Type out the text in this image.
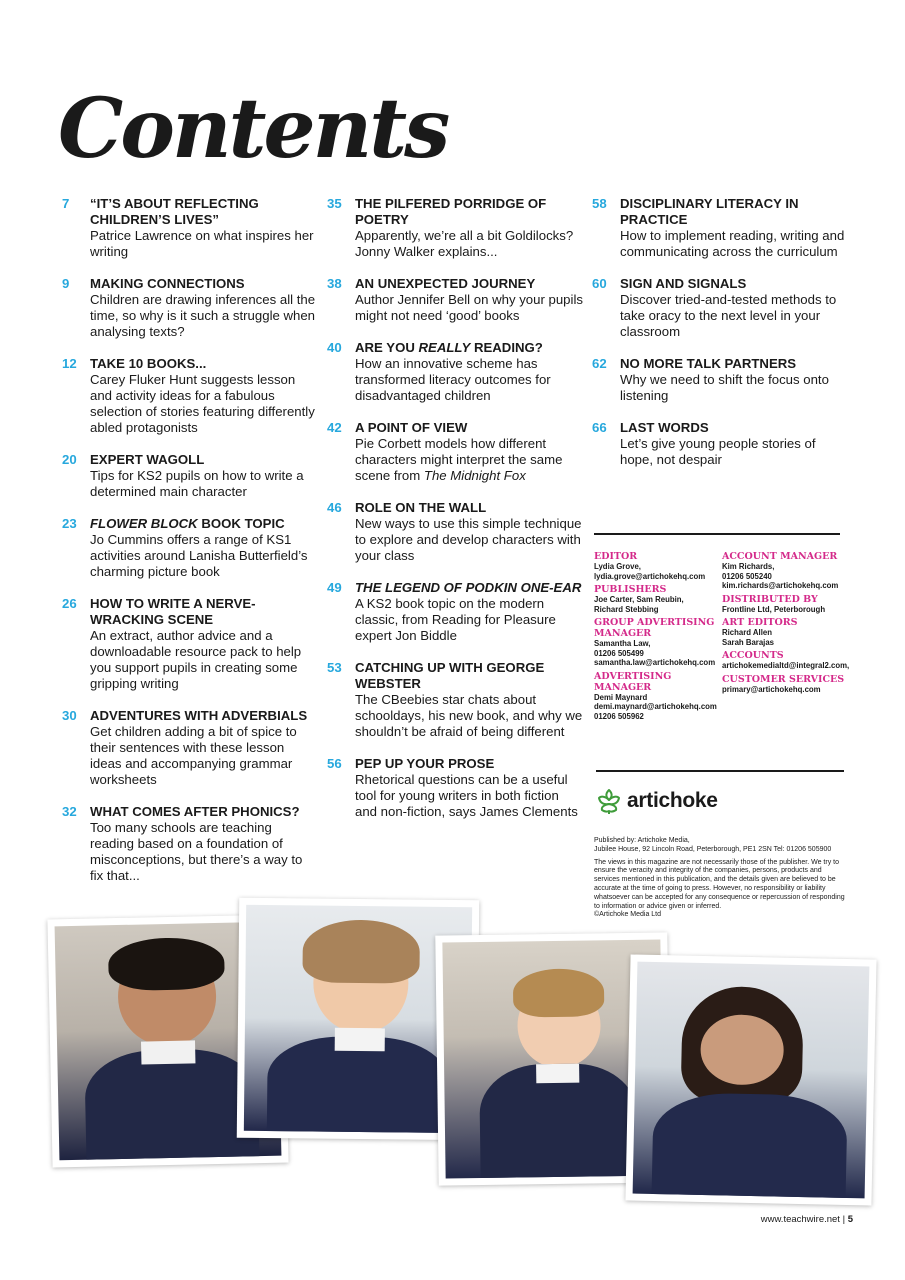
Contents
7	“IT’S ABOUT REFLECTING CHILDREN’S LIVES”
Patrice Lawrence on what inspires her writing
9	MAKING CONNECTIONS
Children are drawing inferences all the time, so why is it such a struggle when analysing texts?
12	TAKE 10 BOOKS...
Carey Fluker Hunt suggests lesson and activity ideas for a fabulous selection of stories featuring differently abled protagonists
20	EXPERT WAGOLL
Tips for KS2 pupils on how to write a determined main character
23	FLOWER BLOCK BOOK TOPIC
Jo Cummins offers a range of KS1 activities around Lanisha Butterfield’s charming picture book
26	HOW TO WRITE A NERVE-WRACKING SCENE
An extract, author advice and a downloadable resource pack to help you support pupils in creating some gripping writing
30	ADVENTURES WITH ADVERBIALS
Get children adding a bit of spice to their sentences with these lesson ideas and accompanying grammar worksheets
32	WHAT COMES AFTER PHONICS?
Too many schools are teaching reading based on a foundation of misconceptions, but there’s a way to fix that...
35	THE PILFERED PORRIDGE OF POETRY
Apparently, we’re all a bit Goldilocks? Jonny Walker explains...
38	AN UNEXPECTED JOURNEY
Author Jennifer Bell on why your pupils might not need ‘good’ books
40	ARE YOU REALLY READING?
How an innovative scheme has transformed literacy outcomes for disadvantaged children
42	A POINT OF VIEW
Pie Corbett models how different characters might interpret the same scene from The Midnight Fox
46	ROLE ON THE WALL
New ways to use this simple technique to explore and develop characters with your class
49	THE LEGEND OF PODKIN ONE-EAR
A KS2 book topic on the modern classic, from Reading for Pleasure expert Jon Biddle
53	CATCHING UP WITH GEORGE WEBSTER
The CBeebies star chats about schooldays, his new book, and why we shouldn’t be afraid of being different
56	PEP UP YOUR PROSE
Rhetorical questions can be a useful tool for young writers in both fiction and non-fiction, says James Clements
58	DISCIPLINARY LITERACY IN PRACTICE
How to implement reading, writing and communicating across the curriculum
60	SIGN AND SIGNALS
Discover tried-and-tested methods to take oracy to the next level in your classroom
62	NO MORE TALK PARTNERS
Why we need to shift the focus onto listening
66	LAST WORDS
Let’s give young people stories of hope, not despair
EDITOR
Lydia Grove,
lydia.grove@artichokehq.com
PUBLISHERS
Joe Carter, Sam Reubin,
Richard Stebbing
GROUP ADVERTISING MANAGER
Samantha Law,
01206 505499
samantha.law@artichokehq.com
ADVERTISING MANAGER
Demi Maynard
demi.maynard@artichokehq.com
01206 505962
ACCOUNT MANAGER
Kim Richards,
01206 505240
kim.richards@artichokehq.com
DISTRIBUTED BY
Frontline Ltd, Peterborough
ART EDITORS
Richard Allen
Sarah Barajas
ACCOUNTS
artichokemedialtd@integral2.com,
CUSTOMER SERVICES
primary@artichokehq.com
artichoke

Published by: Artichoke Media,
Jubilee House, 92 Lincoln Road, Peterborough, PE1 2SN Tel: 01206 505900

The views in this magazine are not necessarily those of the publisher. We try to ensure the veracity and integrity of the companies, persons, products and services mentioned in this publication, and the details given are believed to be accurate at the time of going to press. However, no responsibility or liability whatsoever can be accepted for any consequence or repercussion of responding to information or advice given or inferred.
©Artichoke Media Ltd

www.teachwire.net | 5
